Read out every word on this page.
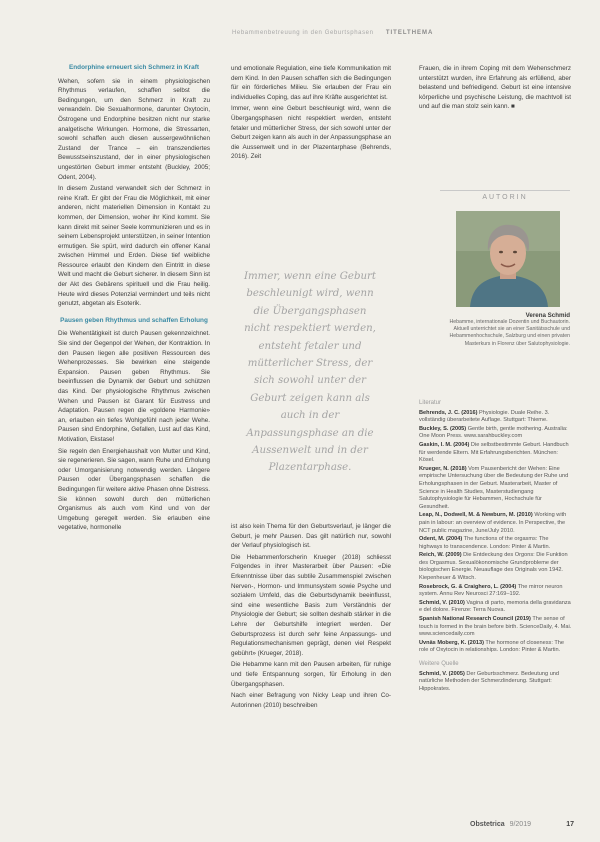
Hebammenbetreuung in den Geburtsphasen TITELTHEMA
Endorphine erneuert sich Schmerz in Kraft

Wehen, sofern sie in einem physiologischen Rhythmus verlaufen, schaffen selbst die Bedingungen, um den Schmerz in Kraft zu verwandeln. Die Sexualhormone, darunter Oxytocin, Östrogene und Endorphine besitzen nicht nur starke analgetische Wirkungen. Hormone, die Stressarten, sowohl schaffen auch diesen aussergewöhnlichen Zustand der Trance – ein transzendiertes Bewusstseinszustand, der in einer physiologischen ungestörten Geburt immer entsteht (Buckley, 2005; Odent, 2004).

In diesem Zustand verwandelt sich der Schmerz in reine Kraft. Er gibt der Frau die Möglichkeit, mit einer anderen, nicht materiellen Dimension in Kontakt zu kommen, der Dimension, woher ihr Kind kommt. Sie kann direkt mit seiner Seele kommunizieren und es in seinem Lebensprojekt unterstützen, in seiner Intention ermutigen. Sie spürt, wird dadurch ein offener Kanal zwischen Himmel und Erden. Diese tief weibliche Ressource erlaubt den Kindern den Eintritt in diese Welt und macht die Geburt sicherer. In diesem Sinn ist der Akt des Gebärens spirituell und die Frau heilig. Heute wird dieses Potenzial vermindert und teils nicht genutzt, abgetan als Esoterik.

Pausen geben Rhythmus und schaffen Erholung

Die Wehentätigkeit ist durch Pausen gekennzeichnet. Sie sind der Gegenpol der Wehen, der Kontraktion. In den Pausen liegen alle positiven Ressourcen des Wehenprozesses. Sie bewirken eine steigende Expansion. Pausen geben Rhythmus. Sie beeinflussen die Dynamik der Geburt und schützen das Kind. Der physiologische Rhythmus zwischen Wehen und Pausen ist Garant für Eustress und Adaptation. Pausen regen die «goldene Harmonie» an, erlauben ein tiefes Wohlgefühl nach jeder Wehe. Pausen sind Endorphine, Gefallen, Lust auf das Kind, Motivation, Ekstase!

Sie regeln den Energiehaushalt von Mutter und Kind, sie regenerieren. Sie sagen, wann Ruhe und Erholung oder Umorganisierung notwendig werden. Längere Pausen oder Übergangsphasen schaffen die Bedingungen für weitere aktive Phasen ohne Distress. Sie können sowohl durch den mütterlichen Organismus als auch vom Kind und von der Umgebung geregelt werden. Sie erlauben eine vegetative, hormonelle

und emotionale Regulation, eine tiefe Kommunikation mit dem Kind. In den Pausen schaffen sich die Bedingungen für ein förderliches Milieu. Sie erlauben der Frau ein individuelles Coping, das auf ihre Kräfte ausgerichtet ist.

Immer, wenn eine Geburt beschleunigt wird, wenn die Übergangsphasen nicht respektiert werden, entsteht fetaler und mütterlicher Stress, der sich sowohl unter der Geburt zeigen kann als auch in der Anpassungsphase an die Aussenwelt und in der Plazentarphase (Behrends, 2016). Zeit

Immer, wenn eine Geburt beschleunigt wird, wenn die Übergangsphasen nicht respektiert werden, entsteht fetaler und mütterlicher Stress, der sich sowohl unter der Geburt zeigen kann als auch in der Anpassungsphase an die Aussenwelt und in der Plazentarphase.

ist also kein Thema für den Geburtsverlauf, je länger die Geburt, je mehr Pausen. Das gilt natürlich nur, sowohl der Verlauf physiologisch ist.

Die Hebammenforscherin Krueger (2018) schliesst Folgendes in ihrer Masterarbeit über Pausen: «Die Erkenntnisse über das subtile Zusammenspiel zwischen Nerven-, Hormon- und Immunsystem sowie Psyche und sozialem Umfeld, das die Geburtsdynamik beeinflusst, sind eine wesentliche Basis zum Verständnis der Physiologie der Geburt; sie sollten deshalb stärker in die Lehre der Geburtshilfe integriert werden. Der Geburtsprozess ist durch sehr feine Anpassungs- und Regulationsmechanismen geprägt, denen viel Respekt gebührt» (Krueger, 2018).

Die Hebamme kann mit den Pausen arbeiten, für ruhige und tiefe Entspannung sorgen, für Erholung in den Übergangsphasen.

Nach einer Befragung von Nicky Leap und ihren Co-Autorinnen (2010) beschreiben

Frauen, die in ihrem Coping mit dem Wehenschmerz unterstützt wurden, ihre Erfahrung als erfüllend, aber belastend und befriedigend. Geburt ist eine intensive körperliche und psychische Leistung, die machtvoll ist und auf die man stolz sein kann. ■

AUTORIN
Verena Schmid
Hebamme, internationale Dozentin und Buchautorin. Aktuell unterrichtet sie an einer Sanitätsschule und Hebammenhochschule, Salzburg und einen privaten Masterkurs in Florenz über Salutophysiologie.
Literatur
Behrends, J. C. (2016) Physiologie. Duale Reihe. 3. vollständig überarbeitete Auflage. Stuttgart: Thieme.
Buckley, S. (2005) Gentle birth, gentle mothering. Australia: One Moon Press. www.sarahbuckley.com
Gaskin, I. M. (2004) Die selbstbestimmte Geburt. Handbuch für werdende Eltern. Mit Erfahrungsberichten. München: Kösel.
Krueger, N. (2018) Vom Pausenbericht der Wehen: Eine empirische Untersuchung über die Bedeutung der Ruhe und Erholungsphasen in der Geburt. Masterarbeit, Master of Science in Health Studies, Masterstudiengang Salutophysiologie für Hebammen, Hochschule für Gesundheit.
Leap, N., Dodwell, M. & Newburn, M. (2010) Working with pain in labour: an overview of evidence. In Perspective, the NCT public magazine, June/July 2010.
Odent, M. (2004) The functions of the orgasms: The highways to transcendence. London: Pinter & Martin.
Reich, W. (2009) Die Entdeckung des Orgons: Die Funktion des Orgasmus. Sexualökonomische Grundprobleme der biologischen Energie. Neuauflage des Originals von 1942. Kiepenheuer & Witsch.
Rosebrock, G. & Craighero, L. (2004) The mirror neuron system. Annu Rev Neurosci 27:169–192.
Schmid, V. (2010) Vagina di parto, memoria della gravidanza e del dolore. Firenze: Terra Nuova.
Spanish National Research Council (2019) The sense of touch is formed in the brain before birth. ScienceDaily, 4. Mai. www.sciencedaily.com
Uvnäs Moberg, K. (2013) The hormone of closeness: The role of Oxytocin in relationships. London: Pinter & Martin.
Weitere Quelle
Schmid, V. (2005) Der Geburtsschmerz. Bedeutung und natürliche Methoden der Schmerzlinderung. Stuttgart: Hippokrates.
Obstetrica 9/2019	17
